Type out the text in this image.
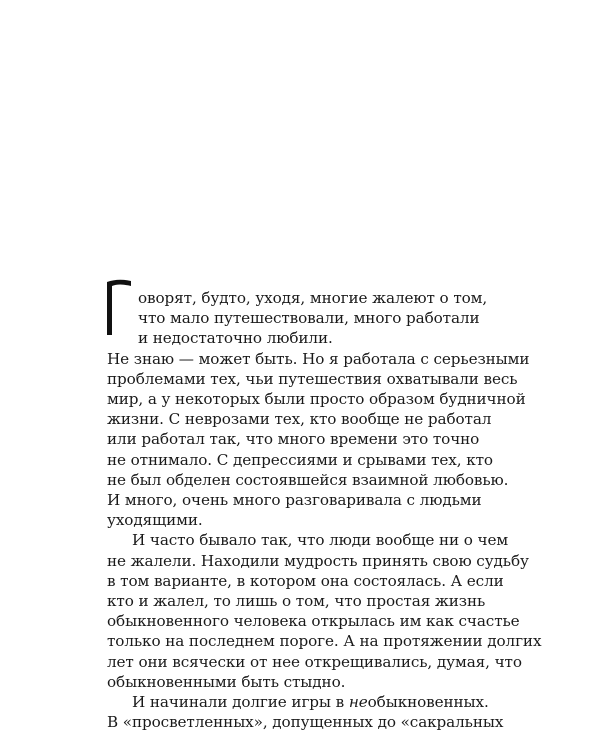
оворят, будто, уходя, многие жалеют о том,
что мало путешествовали, много работали
и недостаточно любили.
Не знаю — может быть. Но я работала с серьезными
проблемами тех, чьи путешествия охватывали весь
мир, а у некоторых были просто образом будничной
жизни. С неврозами тех, кто вообще не работал
или работал так, что много времени это точно
не отнимало. С депрессиями и срывами тех, кто
не был обделен состоявшейся взаимной любовью.
И много, очень много разговаривала с людьми
уходящими.
И часто бывало так, что люди вообще ни о чем
не жалели. Находили мудрость принять свою судьбу
в том варианте, в котором она состоялась. А если
кто и жалел, то лишь о том, что простая жизнь
обыкновенного человека открылась им как счастье
только на последнем пороге. А на протяжении долгих
лет они всячески от нее открещивались, думая, что
обыкновенными быть стыдно.
И начинали долгие игры в необыкновенных.
В «просветленных», допущенных до «сакральных
